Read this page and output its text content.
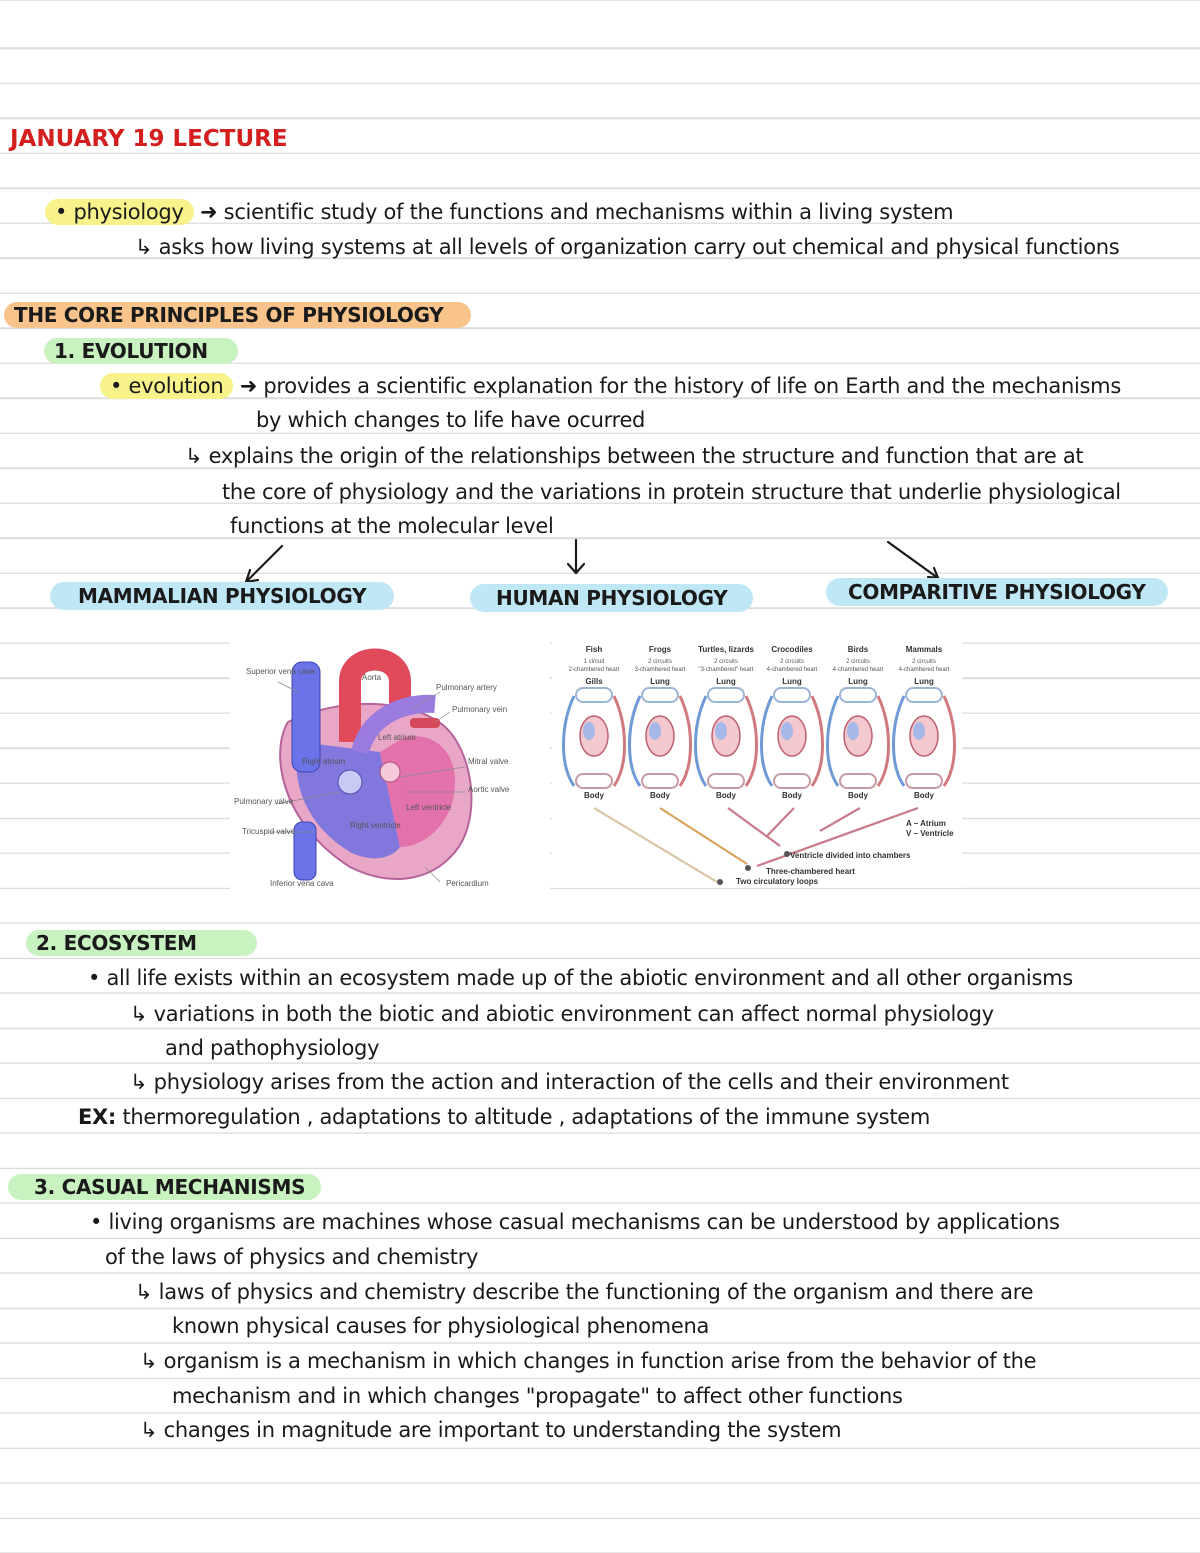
JANUARY 19 LECTURE
• physiology ➜ scientific study of the functions and mechanisms within a living system
↳ asks how living systems at all levels of organization carry out chemical and physical functions
THE CORE PRINCIPLES OF PHYSIOLOGY
1. EVOLUTION
• evolution ➜ provides a scientific explanation for the history of life on Earth and the mechanisms
by which changes to life have ocurred
↳ explains the origin of the relationships between the structure and function that are at
the core of physiology and the variations in protein structure that underlie physiological
functions at the molecular level
MAMMALIAN PHYSIOLOGY	HUMAN PHYSIOLOGY	COMPARITIVE PHYSIOLOGY
Superior vena cava
Aorta
Pulmonary artery
Pulmonary vein
Left atrium
Right atrium	Mitral valve
Aortic valve
Pulmonary valve
Left ventricle
Right ventricle
Tricuspid valve
Inferior vena cava	Pericardium
Fish
1 circuit
2-chambered heart
Gills
Body
Frogs
2 circuits
3-chambered heart
Lung
Body
Turtles, lizards
2 circuits
"3-chambered" heart
Lung
Body
Crocodiles
2 circuits
4-chambered heart
Lung
Body
Birds
2 circuits
4-chambered heart
Lung
Body
Mammals
2 circuits
4-chambered heart
Lung
Body
Ventricle divided into chambers
Three-chambered heart
Two circulatory loops
A – Atrium
V – Ventricle
2. ECOSYSTEM
• all life exists within an ecosystem made up of the abiotic environment and all other organisms
↳ variations in both the biotic and abiotic environment can affect normal physiology
and pathophysiology
↳ physiology arises from the action and interaction of the cells and their environment
EX: thermoregulation , adaptations to altitude , adaptations of the immune system
3. CASUAL MECHANISMS
• living organisms are machines whose casual mechanisms can be understood by applications
of the laws of physics and chemistry
↳ laws of physics and chemistry describe the functioning of the organism and there are
known physical causes for physiological phenomena
↳ organism is a mechanism in which changes in function arise from the behavior of the
mechanism and in which changes "propagate" to affect other functions
↳ changes in magnitude are important to understanding the system
